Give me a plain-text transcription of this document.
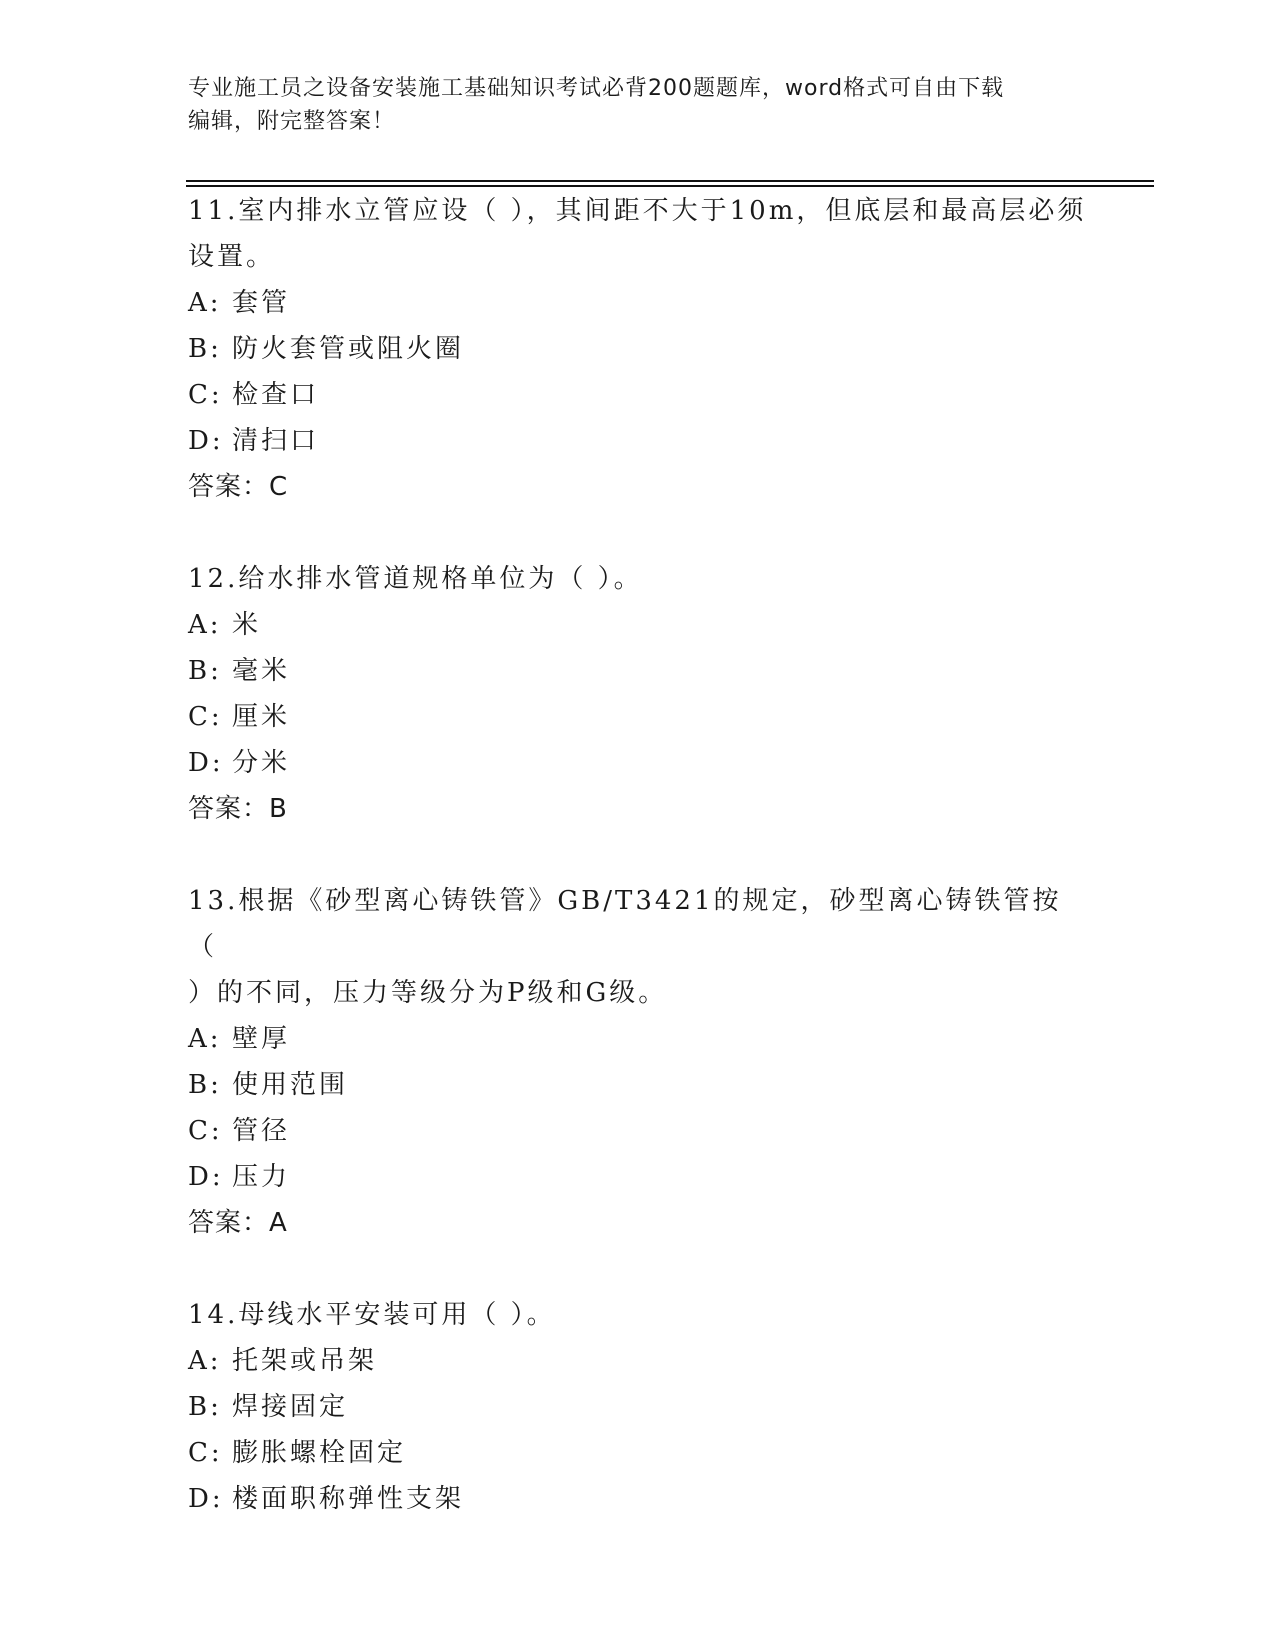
专业施工员之设备安装施工基础知识考试必背200题题库，word格式可自由下载
编辑，附完整答案！

11.室内排水立管应设（ ），其间距不大于10m，但底层和最高层必须

设置。

A: 套管

B: 防火套管或阻火圈

C: 检查口

D: 清扫口

答案：C

12.给水排水管道规格单位为（ ）。

A: 米

B: 毫米

C: 厘米

D: 分米

答案：B

13.根据《砂型离心铸铁管》GB/T3421的规定，砂型离心铸铁管按（

）的不同，压力等级分为P级和G级。

A: 壁厚

B: 使用范围

C: 管径

D: 压力

答案：A

14.母线水平安装可用（ ）。

A: 托架或吊架

B: 焊接固定

C: 膨胀螺栓固定

D: 楼面职称弹性支架
